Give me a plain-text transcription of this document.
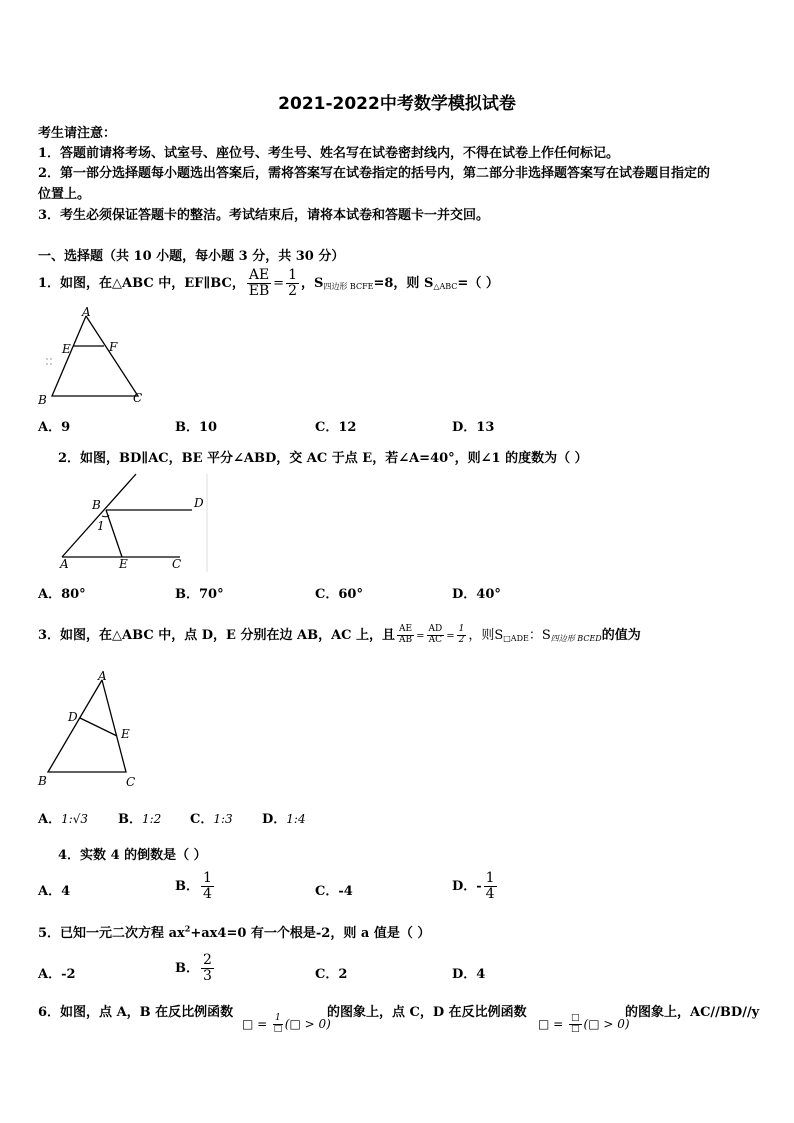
2021-2022中考数学模拟试卷
考生请注意：
1．答题前请将考场、试室号、座位号、考生号、姓名写在试卷密封线内，不得在试卷上作任何标记。
2．第一部分选择题每小题选出答案后，需将答案写在试卷指定的括号内，第二部分非选择题答案写在试卷题目指定的
位置上。
3．考生必须保证答题卡的整洁。考试结束后，请将本试卷和答题卡一并交回。
一、选择题（共 10 小题，每小题 3 分，共 30 分）
1．如图，在△ABC 中，EF∥BC， $\frac{AE}{EB} = \frac{1}{2}$ ，$S_{四边形 BCFE}=8$，则 $S_{\triangle ABC}=$（ ）
A
E	F
B	C
A．9	B．10	C．12	D．13
2．如图，BD∥AC，BE 平分∠ABD，交 AC 于点 E，若∠A=40°，则∠1 的度数为（ ）
B	D
1
A	E	C
A．80°	B．70°	C．60°	D．40°
3．如图，在△ABC 中，点 D，E 分别在边 AB，AC 上，且 $\frac{AE}{AB} = \frac{AD}{AC} = \frac{1}{2}$ ，则$S_{□ADE}$：$S_{四边形 BCED}$的值为
A
D
E
B	C
A．1:√3 B．1:2 C．1:3 D．1:4
4．实数 4 的倒数是（ ）
A．4	B． $\frac{1}{4}$	C．-4	D．- $\frac{1}{4}$
5．已知一元二次方程 $ax^2+ax4=0$ 有一个根是-2，则 a 值是（ ）
A．-2	B． $\frac{2}{3}$	C．2	D．4
6．如图，点 A，B 在反比例函数	的图象上，点 C，D 在反比例函数	的图象上，AC//BD//y
□ = $\frac{1}{□}$ (□ > 0)	□ = $\frac{□}{□}$ (□ > 0)
